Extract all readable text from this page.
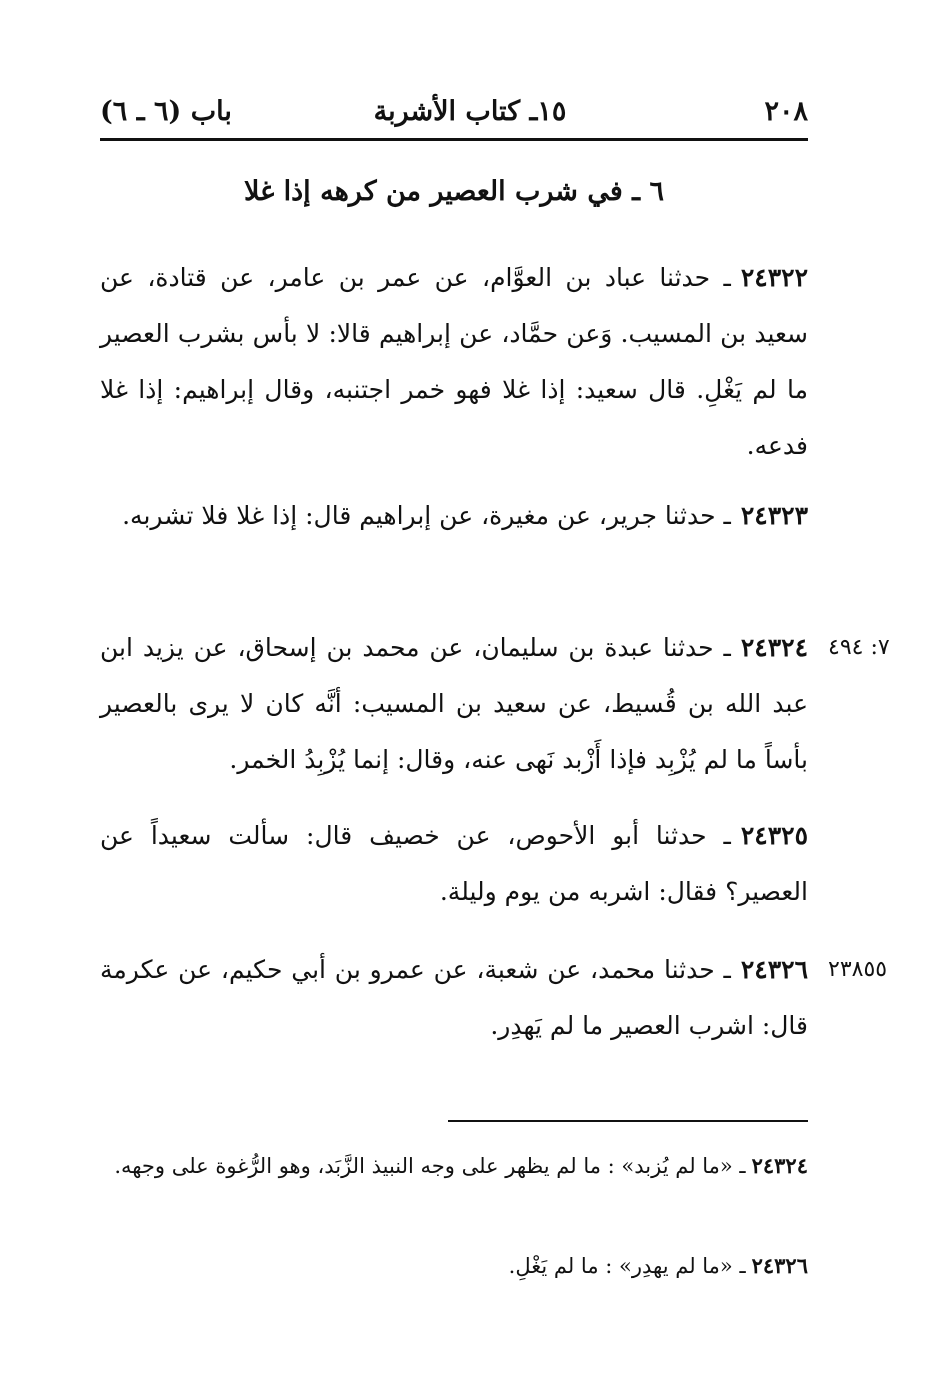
٢٠٨
١٥ـ كتاب الأشربة
باب (٦ ـ ٦)
٦ ـ في شرب العصير من كرهه إذا غلا
٢٤٣٢٢ـ حدثنا عباد بن العوَّام، عن عمر بن عامر، عن قتادة، عن سعيد بن المسيب. وَعن حمَّاد، عن إبراهيم قالا: لا بأس بشرب العصير ما لم يَغْلِ. قال سعيد: إذا غلا فهو خمر اجتنبه، وقال إبراهيم: إذا غلا فدعه.
٢٤٣٢٣ـ حدثنا جرير، عن مغيرة، عن إبراهيم قال: إذا غلا فلا تشربه.
٧: ٤٩٤
٢٤٣٢٤ـ حدثنا عبدة بن سليمان، عن محمد بن إسحاق، عن يزيد ابن عبد الله بن قُسيط، عن سعيد بن المسيب: أنَّه كان لا يرى بالعصير بأساً ما لم يُزْبِد فإذا أَزْبد نَهى عنه، وقال: إنما يُزْبِدُ الخمر.
٢٤٣٢٥ـ حدثنا أبو الأحوص، عن خصيف قال: سألت سعيداً عن العصير؟ فقال: اشربه من يوم وليلة.
٢٣٨٥٥
٢٤٣٢٦ـ حدثنا محمد، عن شعبة، عن عمرو بن أبي حكيم، عن عكرمة قال: اشرب العصير ما لم يَهدِر.
٢٤٣٢٤ـ «ما لم يُزبد» : ما لم يظهر على وجه النبيذ الزَّبَد، وهو الرُّغوة على وجهه.
٢٤٣٢٦ـ «ما لم يهدِر» : ما لم يَغْلِ.
